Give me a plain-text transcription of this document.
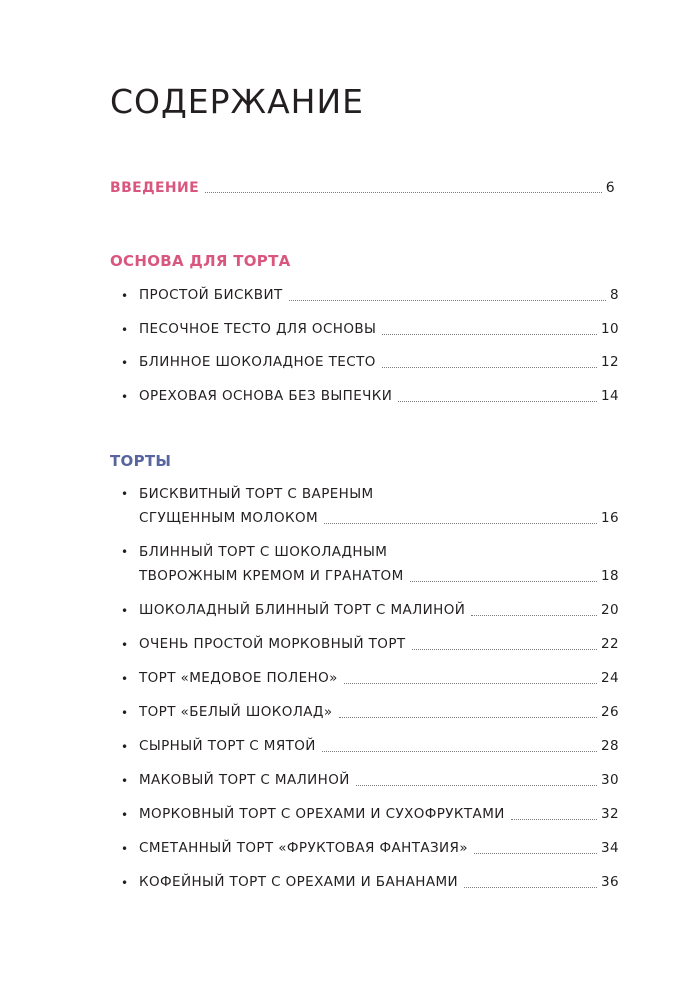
СОДЕРЖАНИЕ
ВВЕДЕНИЕ	6
ОСНОВА ДЛЯ ТОРТА
• ПРОСТОЙ БИСКВИТ	8
• ПЕСОЧНОЕ ТЕСТО ДЛЯ ОСНОВЫ	10
• БЛИННОЕ ШОКОЛАДНОЕ ТЕСТО	12
• ОРЕХОВАЯ ОСНОВА БЕЗ ВЫПЕЧКИ	14
ТОРТЫ
• БИСКВИТНЫЙ ТОРТ С ВАРЕНЫМ
СГУЩЕННЫМ МОЛОКОМ	16
• БЛИННЫЙ ТОРТ С ШОКОЛАДНЫМ
ТВОРОЖНЫМ КРЕМОМ И ГРАНАТОМ	18
• ШОКОЛАДНЫЙ БЛИННЫЙ ТОРТ С МАЛИНОЙ	20
• ОЧЕНЬ ПРОСТОЙ МОРКОВНЫЙ ТОРТ	22
• ТОРТ «МЕДОВОЕ ПОЛЕНО»	24
• ТОРТ «БЕЛЫЙ ШОКОЛАД»	26
• СЫРНЫЙ ТОРТ С МЯТОЙ	28
• МАКОВЫЙ ТОРТ С МАЛИНОЙ	30
• МОРКОВНЫЙ ТОРТ С ОРЕХАМИ И СУХОФРУКТАМИ	32
• СМЕТАННЫЙ ТОРТ «ФРУКТОВАЯ ФАНТАЗИЯ»	34
• КОФЕЙНЫЙ ТОРТ С ОРЕХАМИ И БАНАНАМИ	36
